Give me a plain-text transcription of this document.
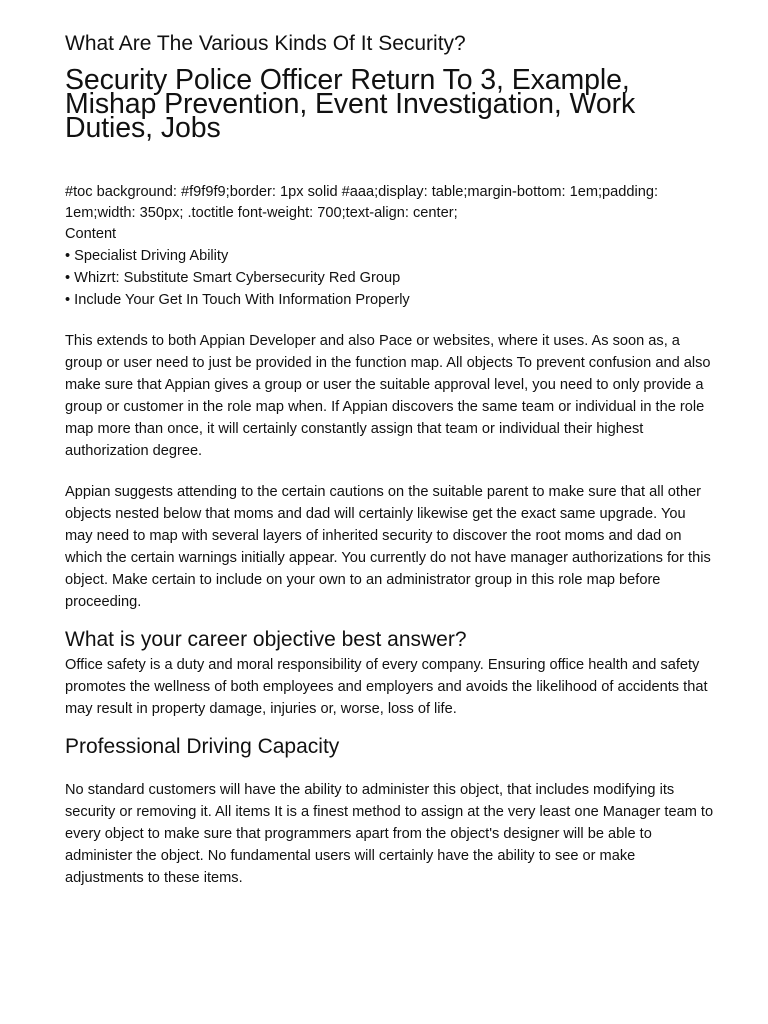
What Are The Various Kinds Of It Security?
Security Police Officer Return To 3, Example, Mishap Prevention, Event Investigation, Work Duties, Jobs

#toc background: #f9f9f9;border: 1px solid #aaa;display: table;margin-bottom: 1em;padding: 1em;width: 350px; .toctitle font-weight: 700;text-align: center;

Content

• Specialist Driving Ability
• Whizrt: Substitute Smart Cybersecurity Red Group
• Include Your Get In Touch With Information Properly

This extends to both Appian Developer and also Pace or websites, where it uses. As soon as, a group or user need to just be provided in the function map. All objects To prevent confusion and also make sure that Appian gives a group or user the suitable approval level, you need to only provide a group or customer in the role map when. If Appian discovers the same team or individual in the role map more than once, it will certainly constantly assign that team or individual their highest authorization degree.

Appian suggests attending to the certain cautions on the suitable parent to make sure that all other objects nested below that moms and dad will certainly likewise get the exact same upgrade. You may need to map with several layers of inherited security to discover the root moms and dad on which the certain warnings initially appear. You currently do not have manager authorizations for this object. Make certain to include on your own to an administrator group in this role map before proceeding.

What is your career objective best answer?

Office safety is a duty and moral responsibility of every company. Ensuring office health and safety promotes the wellness of both employees and employers and avoids the likelihood of accidents that may result in property damage, injuries or, worse, loss of life.

Professional Driving Capacity

No standard customers will have the ability to administer this object, that includes modifying its security or removing it. All items It is a finest method to assign at the very least one Manager team to every object to make sure that programmers apart from the object's designer will be able to administer the object. No fundamental users will certainly have the ability to see or make adjustments to these items.
